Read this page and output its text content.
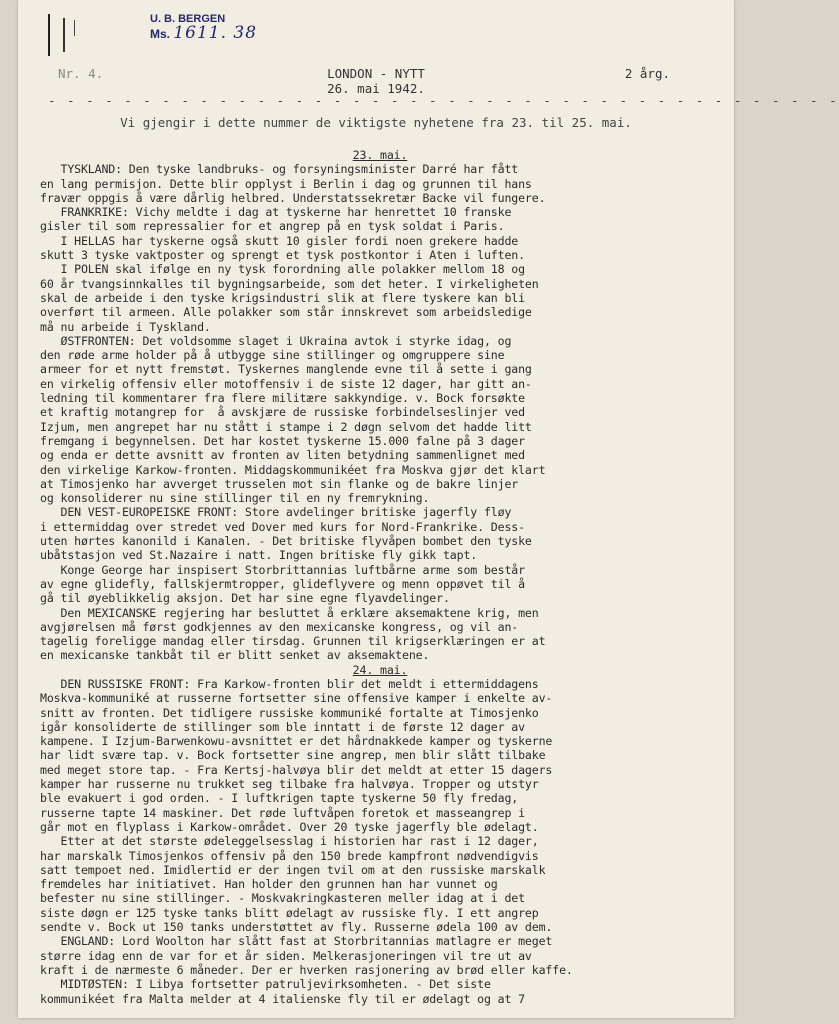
U. B. BERGEN
Ms. 1611. 38
Nr. 4.	LONDON - NYTT
26. mai 1942.
2 årg.
- - - - - - - - - - - - - - - - - - - - - - - - - - - - - - - - - - - - - - - - - -
Vi gjengir i dette nummer de viktigste nyhetene fra 23. til 25. mai.
23. mai.
TYSKLAND: Den tyske landbruks- og forsyningsminister Darré har fått
en lang permisjon. Dette blir opplyst i Berlin i dag og grunnen til hans
fravær oppgis å være dårlig helbred. Understatssekretær Backe vil fungere.
FRANKRIKE: Vichy meldte i dag at tyskerne har henrettet 10 franske
gisler til som repressalier for et angrep på en tysk soldat i Paris.
I HELLAS har tyskerne også skutt 10 gisler fordi noen grekere hadde
skutt 3 tyske vaktposter og sprengt et tysk postkontor i Aten i luften.
I POLEN skal ifølge en ny tysk forordning alle polakker mellom 18 og
60 år tvangsinnkalles til bygningsarbeide, som det heter. I virkeligheten
skal de arbeide i den tyske krigsindustri slik at flere tyskere kan bli
overført til armeen. Alle polakker som står innskrevet som arbeidsledige
må nu arbeide i Tyskland.
ØSTFRONTEN: Det voldsomme slaget i Ukraina avtok i styrke idag, og
den røde arme holder på å utbygge sine stillinger og omgruppere sine
armeer for et nytt fremstøt. Tyskernes manglende evne til å sette i gang
en virkelig offensiv eller motoffensiv i de siste 12 dager, har gitt an-
ledning til kommentarer fra flere militære sakkyndige. v. Bock forsøkte
et kraftig motangrep for  å avskjære de russiske forbindelseslinjer ved
Izjum, men angrepet har nu stått i stampe i 2 døgn selvom det hadde litt
fremgang i begynnelsen. Det har kostet tyskerne 15.000 falne på 3 dager
og enda er dette avsnitt av fronten av liten betydning sammenlignet med
den virkelige Karkow-fronten. Middagskommunikéet fra Moskva gjør det klart
at Timosjenko har avverget trusselen mot sin flanke og de bakre linjer
og konsoliderer nu sine stillinger til en ny fremrykning.
DEN VEST-EUROPEISKE FRONT: Store avdelinger britiske jagerfly fløy
i ettermiddag over stredet ved Dover med kurs for Nord-Frankrike. Dess-
uten hørtes kanonild i Kanalen. - Det britiske flyvåpen bombet den tyske
ubåtstasjon ved St.Nazaire i natt. Ingen britiske fly gikk tapt.
Konge George har inspisert Storbrittannias luftbårne arme som består
av egne glidefly, fallskjermtropper, glideflyvere og menn oppøvet til å
gå til øyeblikkelig aksjon. Det har sine egne flyavdelinger.
Den MEXICANSKE regjering har besluttet å erklære aksemaktene krig, men
avgjørelsen må først godkjennes av den mexicanske kongress, og vil an-
tagelig foreligge mandag eller tirsdag. Grunnen til krigserklæringen er at
en mexicanske tankbåt til er blitt senket av aksemaktene.
24. mai.
DEN RUSSISKE FRONT: Fra Karkow-fronten blir det meldt i ettermiddagens
Moskva-kommuniké at russerne fortsetter sine offensive kamper i enkelte av-
snitt av fronten. Det tidligere russiske kommuniké fortalte at Timosjenko
igår konsoliderte de stillinger som ble inntatt i de første 12 dager av
kampene. I Izjum-Barwenkowu-avsnittet er det hårdnakkede kamper og tyskerne
har lidt svære tap. v. Bock fortsetter sine angrep, men blir slått tilbake
med meget store tap. - Fra Kertsj-halvøya blir det meldt at etter 15 dagers
kamper har russerne nu trukket seg tilbake fra halvøya. Tropper og utstyr
ble evakuert i god orden. - I luftkrigen tapte tyskerne 50 fly fredag,
russerne tapte 14 maskiner. Det røde luftvåpen foretok et masseangrep i
går mot en flyplass i Karkow-området. Over 20 tyske jagerfly ble ødelagt.
Etter at det største ødeleggelsesslag i historien har rast i 12 dager,
har marskalk Timosjenkos offensiv på den 150 brede kampfront nødvendigvis
satt tempoet ned. Imidlertid er der ingen tvil om at den russiske marskalk
fremdeles har initiativet. Han holder den grunnen han har vunnet og
befester nu sine stillinger. - Moskvakringkasteren meller idag at i det
siste døgn er 125 tyske tanks blitt ødelagt av russiske fly. I ett angrep
sendte v. Bock ut 150 tanks understøttet av fly. Russerne ødela 100 av dem.
ENGLAND: Lord Woolton har slått fast at Storbritannias matlagre er meget
større idag enn de var for et år siden. Melkerasjoneringen vil tre ut av
kraft i de nærmeste 6 måneder. Der er hverken rasjonering av brød eller kaffe.
MIDTØSTEN: I Libya fortsetter patruljevirksomheten. - Det siste
kommunikéet fra Malta melder at 4 italienske fly til er ødelagt og at 7
